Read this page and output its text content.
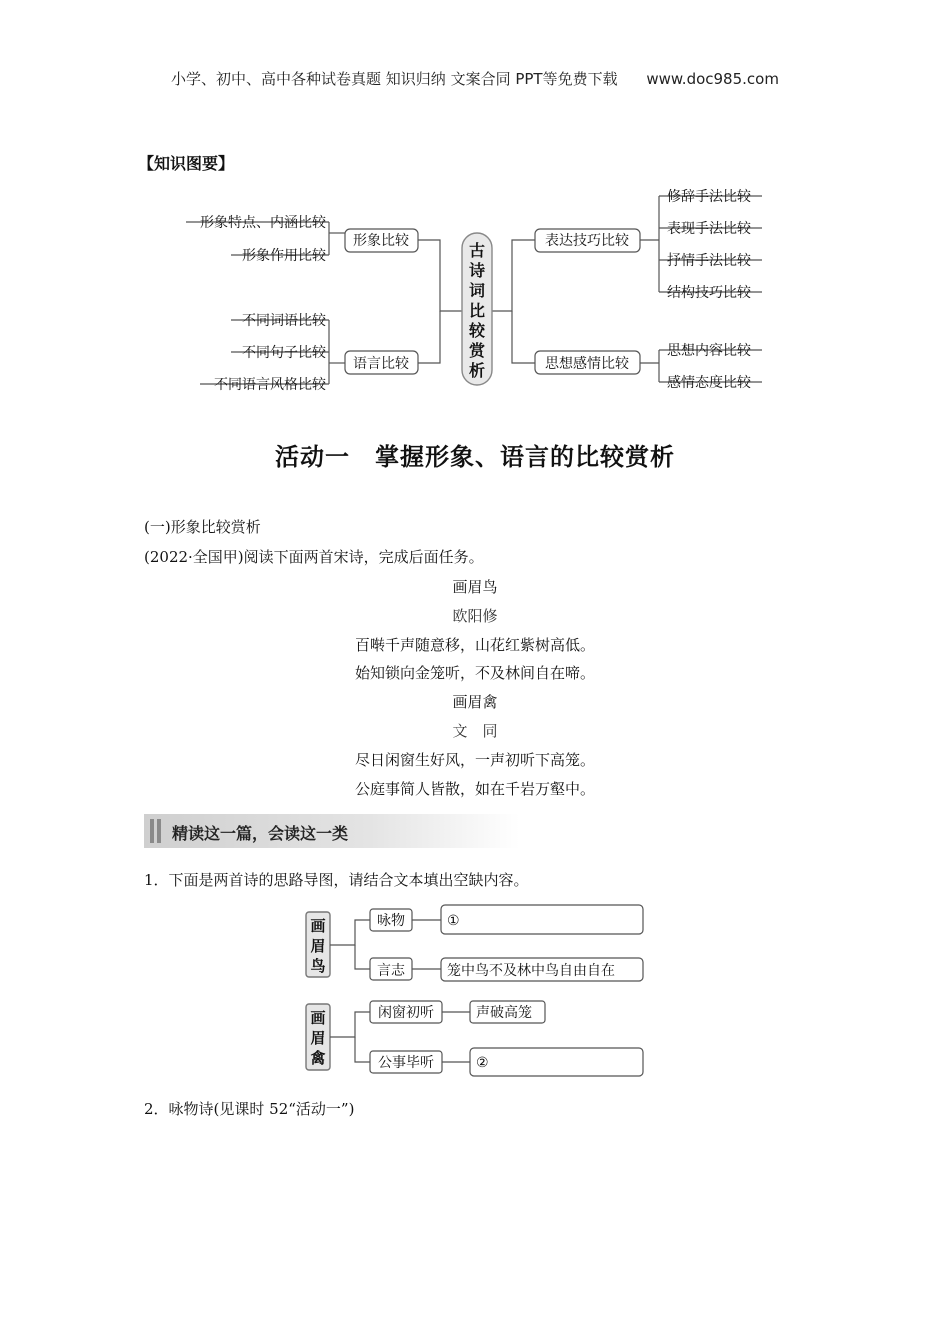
小学、初中、高中各种试卷真题 知识归纳 文案合同 PPT等免费下载 www.doc985.com
【知识图要】
形象比较
形象特点、内涵比较
形象作用比较
语言比较
不同词语比较
不同句子比较
不同语言风格比较
表达技巧比较
修辞手法比较
表现手法比较
抒情手法比较
结构技巧比较
思想感情比较
思想内容比较
感情态度比较
古
诗
词
比
较
赏
析
活动一　掌握形象、语言的比较赏析
(一)形象比较赏析
(2022·全国甲)阅读下面两首宋诗，完成后面任务。
画眉鸟
欧阳修
百啭千声随意移，山花红紫树高低。
始知锁向金笼听，不及林间自在啼。
画眉禽
文　同
尽日闲窗生好风，一声初听下高笼。
公庭事简人皆散，如在千岩万壑中。
精读这一篇，会读这一类
1．下面是两首诗的思路导图，请结合文本填出空缺内容。
画
眉
鸟
画
眉
禽
咏物	①
言志	笼中鸟不及林中鸟自由自在
闲窗初听	声破高笼
公事毕听	②
2．咏物诗(见课时 52“活动一”)
